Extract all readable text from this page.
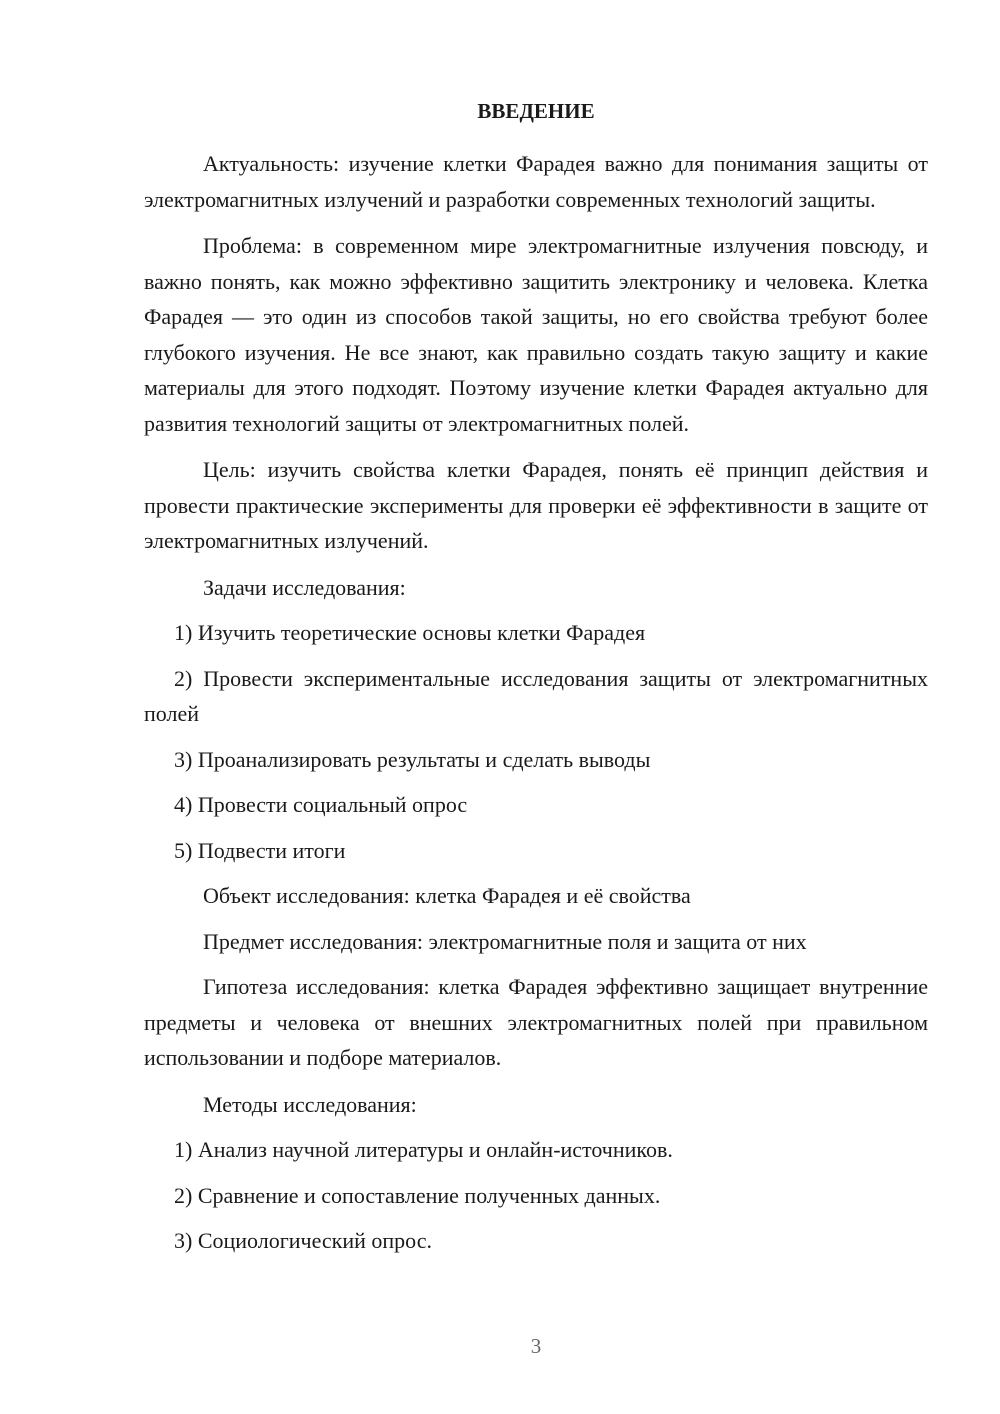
ВВЕДЕНИЕ

Актуальность: изучение клетки Фарадея важно для понимания защиты от электромагнитных излучений и разработки современных технологий защиты.

Проблема: в современном мире электромагнитные излучения повсюду, и важно понять, как можно эффективно защитить электронику и человека. Клетка Фарадея — это один из способов такой защиты, но его свойства требуют более глубокого изучения. Не все знают, как правильно создать такую защиту и какие материалы для этого подходят. Поэтому изучение клетки Фарадея актуально для развития технологий защиты от электромагнитных полей.

Цель: изучить свойства клетки Фарадея, понять её принцип действия и провести практические эксперименты для проверки её эффективности в защите от электромагнитных излучений.

Задачи исследования:
1) Изучить теоретические основы клетки Фарадея
2) Провести экспериментальные исследования защиты от электромагнитных полей
3) Проанализировать результаты и сделать выводы
4) Провести социальный опрос
5) Подвести итоги
Объект исследования: клетка Фарадея и её свойства
Предмет исследования: электромагнитные поля и защита от них

Гипотеза исследования: клетка Фарадея эффективно защищает внутренние предметы и человека от внешних электромагнитных полей при правильном использовании и подборе материалов.

Методы исследования:
1) Анализ научной литературы и онлайн-источников.
2) Сравнение и сопоставление полученных данных.
3) Социологический опрос.
3
